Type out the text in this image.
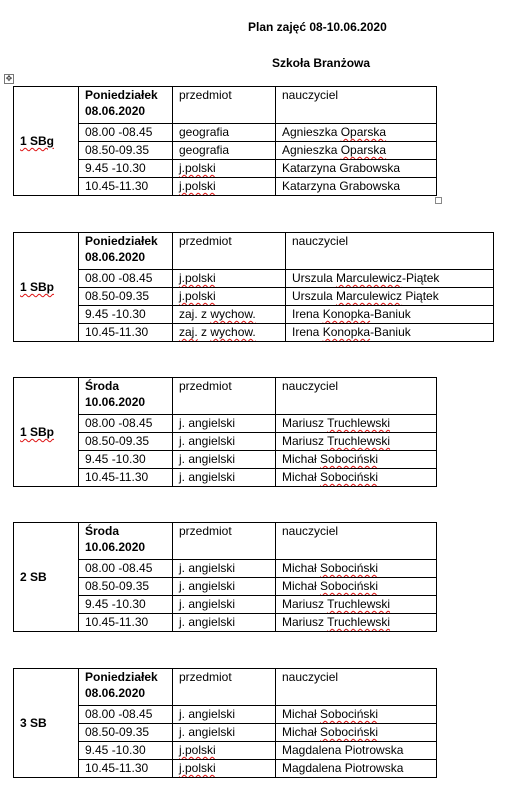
Plan zajęć 08-10.06.2020
Szkoła Branżowa
✥
1 SBg	Poniedziałek
08.06.2020	przedmiot	nauczyciel
	08.00 -08.45	geografia	Agnieszka Oparska
	08.50-09.35	geografia	Agnieszka Oparska
	9.45 -10.30	j.polski	Katarzyna Grabowska
	10.45-11.30	j.polski	Katarzyna Grabowska
1 SBp	Poniedziałek
08.06.2020	przedmiot	nauczyciel
	08.00 -08.45	j.polski	Urszula Marculewicz-Piątek
	08.50-09.35	j.polski	Urszula Marculewicz Piątek
	9.45 -10.30	zaj. z wychow.	Irena Konopka-Baniuk
	10.45-11.30	zaj. z wychow.	Irena Konopka-Baniuk
1 SBp	Środa
10.06.2020	przedmiot	nauczyciel
	08.00 -08.45	j. angielski	Mariusz Truchlewski
	08.50-09.35	j. angielski	Mariusz Truchlewski
	9.45 -10.30	j. angielski	Michał Sobociński
	10.45-11.30	j. angielski	Michał Sobociński
2 SB	Środa
10.06.2020	przedmiot	nauczyciel
	08.00 -08.45	j. angielski	Michał Sobociński
	08.50-09.35	j. angielski	Michał Sobociński
	9.45 -10.30	j. angielski	Mariusz Truchlewski
	10.45-11.30	j. angielski	Mariusz Truchlewski
3 SB	Poniedziałek
08.06.2020	przedmiot	nauczyciel
	08.00 -08.45	j. angielski	Michał Sobociński
	08.50-09.35	j. angielski	Michał Sobociński
	9.45 -10.30	j.polski	Magdalena Piotrowska
	10.45-11.30	j.polski	Magdalena Piotrowska
